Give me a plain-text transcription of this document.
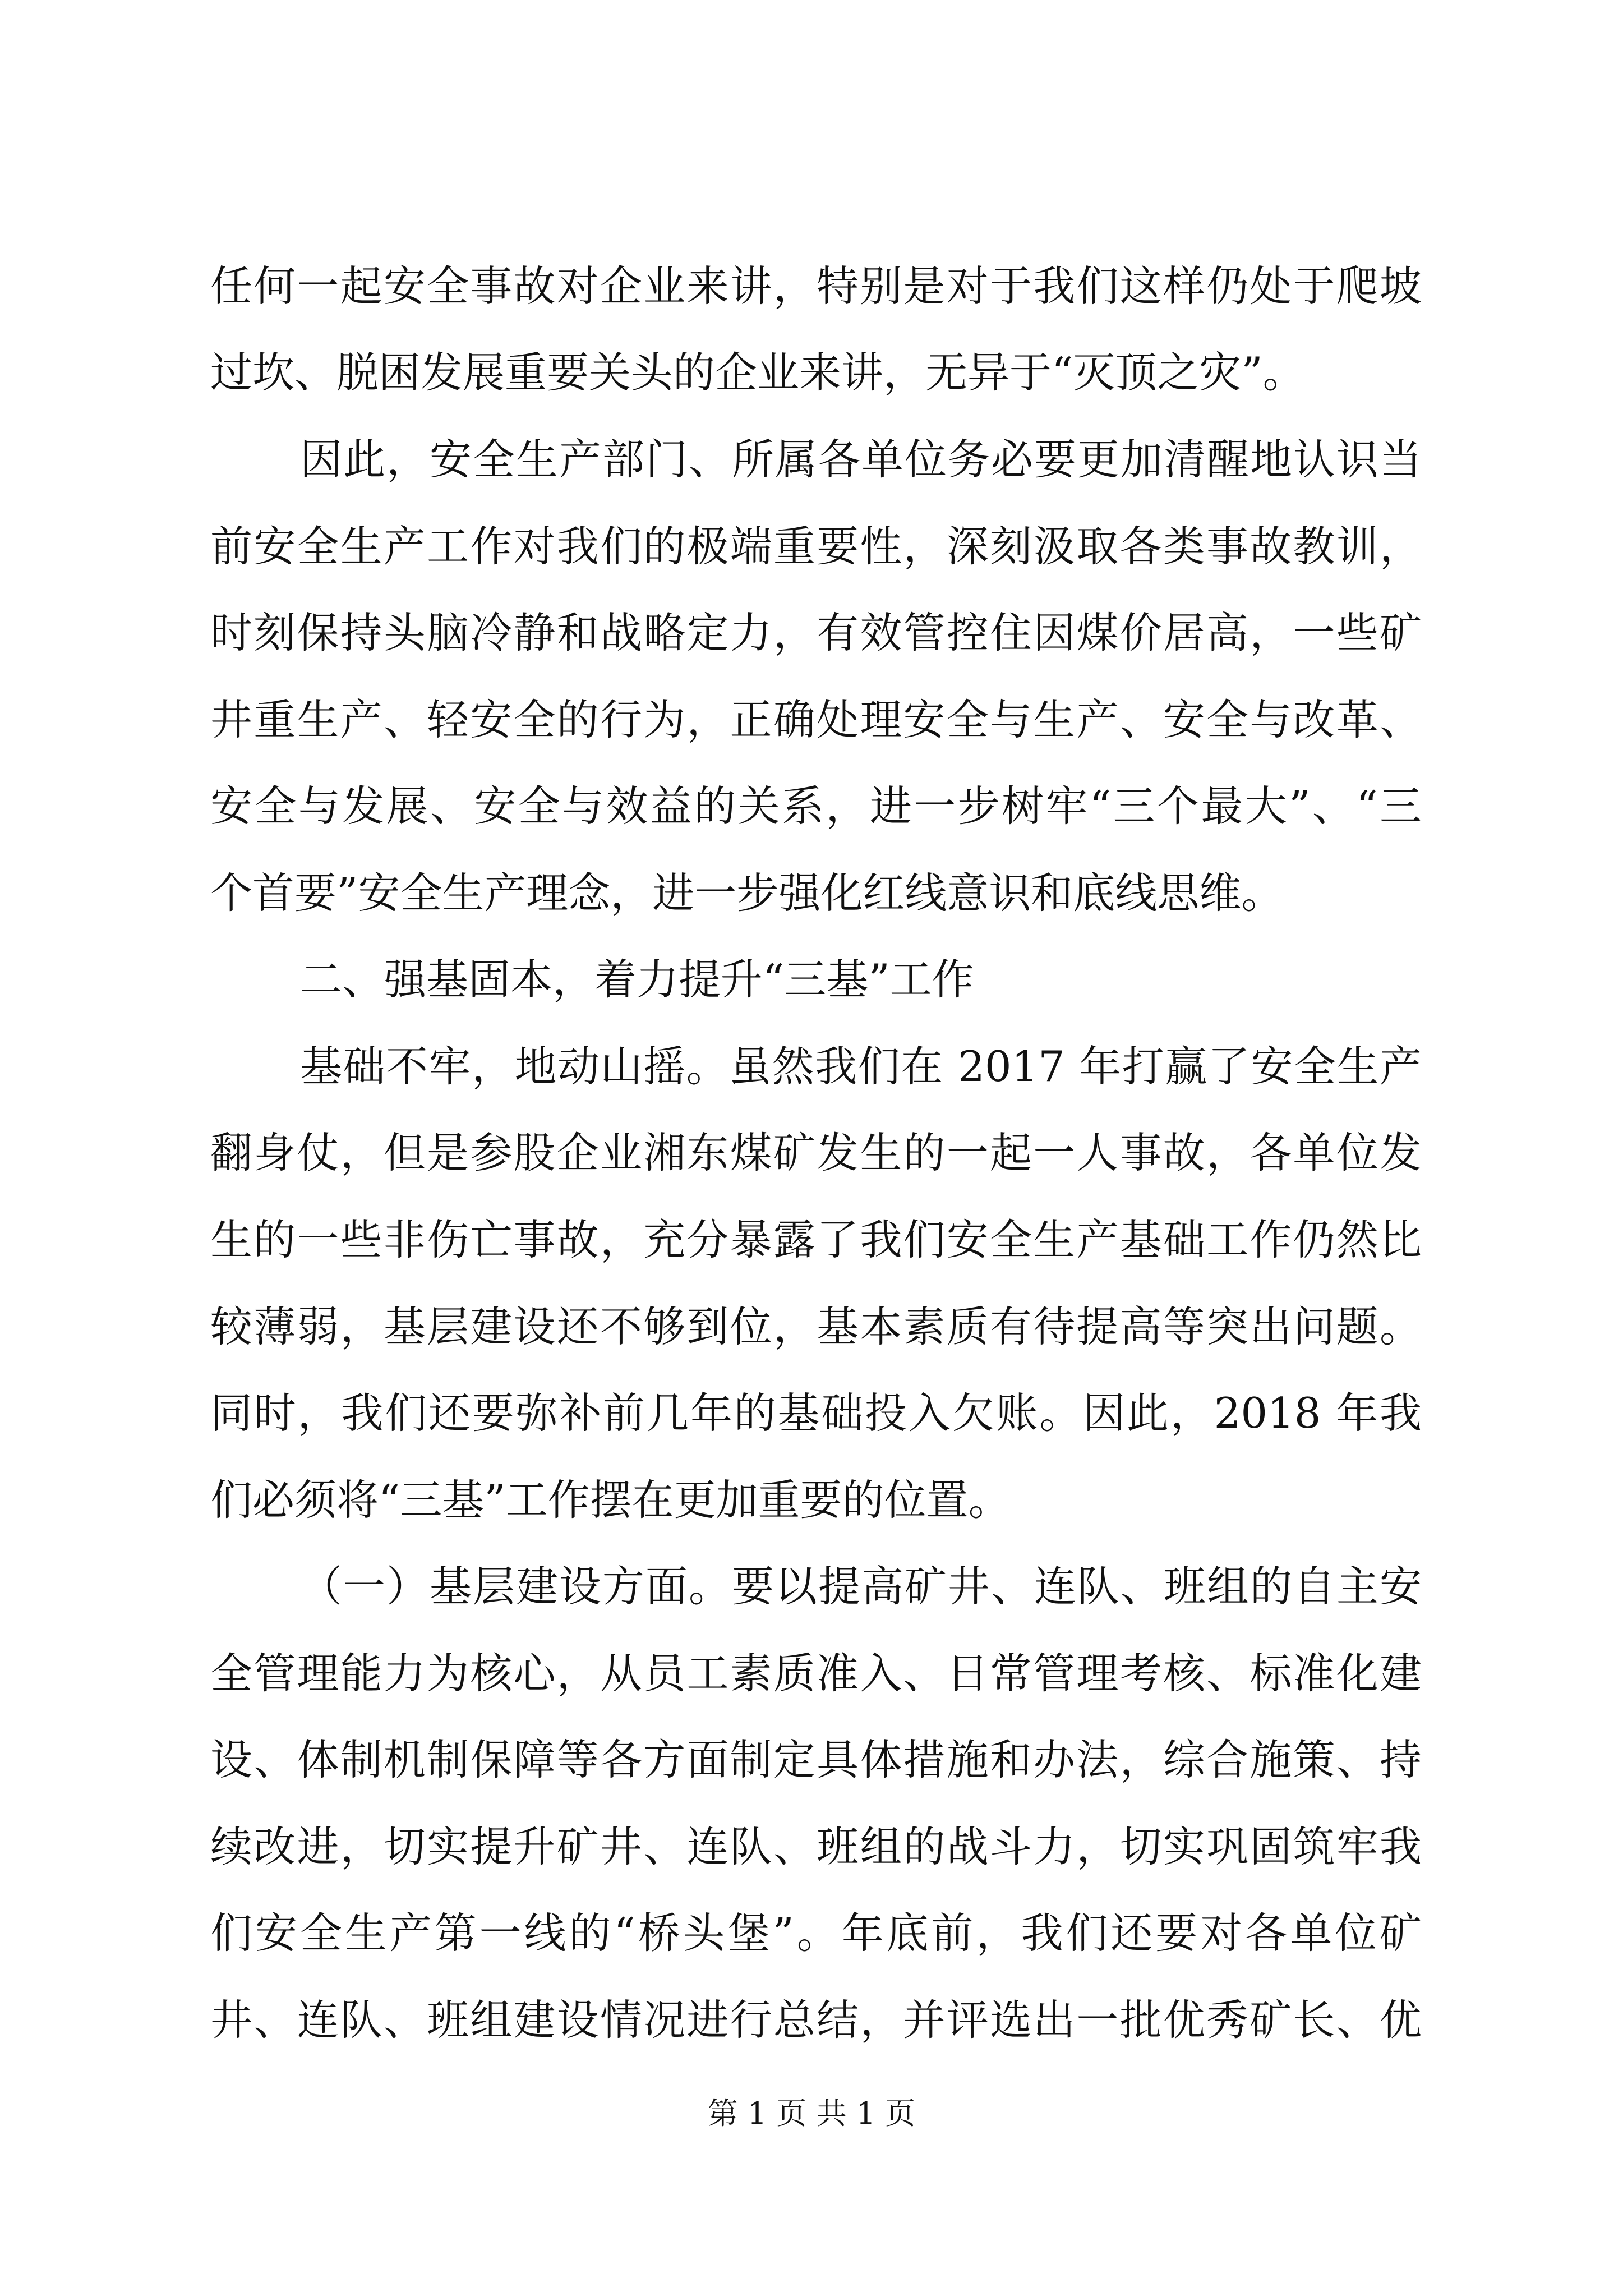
任何一起安全事故对企业来讲，特别是对于我们这样仍处于爬坡
过坎、脱困发展重要关头的企业来讲，无异于“灭顶之灾”。
因此，安全生产部门、所属各单位务必要更加清醒地认识当
前安全生产工作对我们的极端重要性，深刻汲取各类事故教训，
时刻保持头脑冷静和战略定力，有效管控住因煤价居高，一些矿
井重生产、轻安全的行为，正确处理安全与生产、安全与改革、
安全与发展、安全与效益的关系，进一步树牢“三个最大”、“三
个首要”安全生产理念，进一步强化红线意识和底线思维。
二、强基固本，着力提升“三基”工作
基础不牢，地动山摇。虽然我们在 2017 年打赢了安全生产
翻身仗，但是参股企业湘东煤矿发生的一起一人事故，各单位发
生的一些非伤亡事故，充分暴露了我们安全生产基础工作仍然比
较薄弱，基层建设还不够到位，基本素质有待提高等突出问题。
同时，我们还要弥补前几年的基础投入欠账。因此，2018 年我
们必须将“三基”工作摆在更加重要的位置。
（一）基层建设方面。要以提高矿井、连队、班组的自主安
全管理能力为核心，从员工素质准入、日常管理考核、标准化建
设、体制机制保障等各方面制定具体措施和办法，综合施策、持
续改进，切实提升矿井、连队、班组的战斗力，切实巩固筑牢我
们安全生产第一线的“桥头堡”。年底前，我们还要对各单位矿
井、连队、班组建设情况进行总结，并评选出一批优秀矿长、优
第 1 页 共 1 页
